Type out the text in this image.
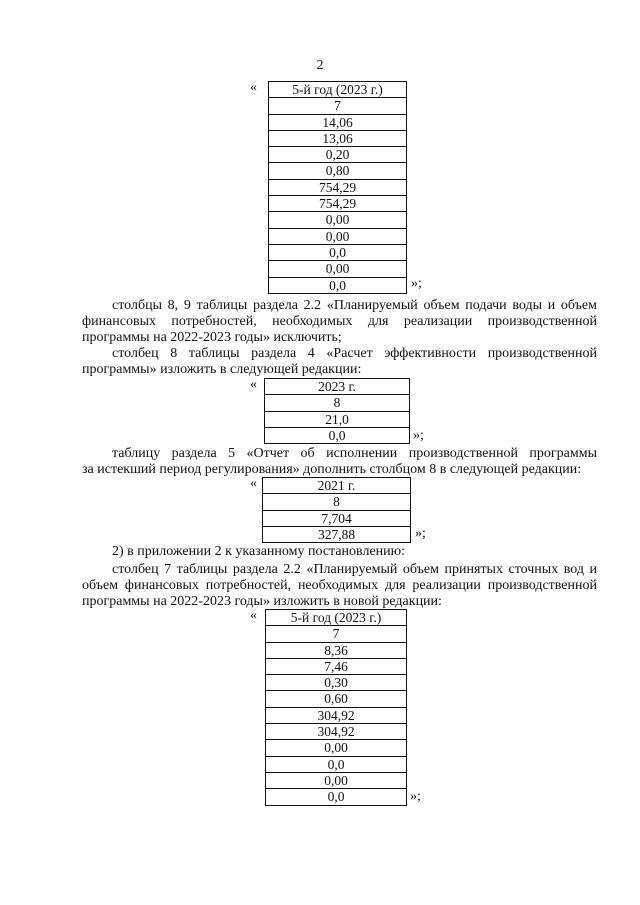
2
«	5-й год (2023 г.)
7
14,06
13,06
0,20
0,80
754,29
754,29
0,00
0,00
0,0
0,00
0,0	»;
столбцы 8, 9 таблицы раздела 2.2 «Планируемый объем подачи воды и объем
финансовых потребностей, необходимых для реализации производственной
программы на 2022-2023 годы» исключить;
столбец 8 таблицы раздела 4 «Расчет эффективности производственной
программы» изложить в следующей редакции:
«	2023 г.
8
21,0
0,0	»;
таблицу раздела 5 «Отчет об исполнении производственной программы
за истекший период регулирования» дополнить столбцом 8 в следующей редакции:
«	2021 г.
8
7,704
327,88	»;
2) в приложении 2 к указанному постановлению:
столбец 7 таблицы раздела 2.2 «Планируемый объем принятых сточных вод и
объем финансовых потребностей, необходимых для реализации производственной
программы на 2022-2023 годы» изложить в новой редакции:
«	5-й год (2023 г.)
7
8,36
7,46
0,30
0,60
304,92
304,92
0,00
0,0
0,00
0,0	»;
